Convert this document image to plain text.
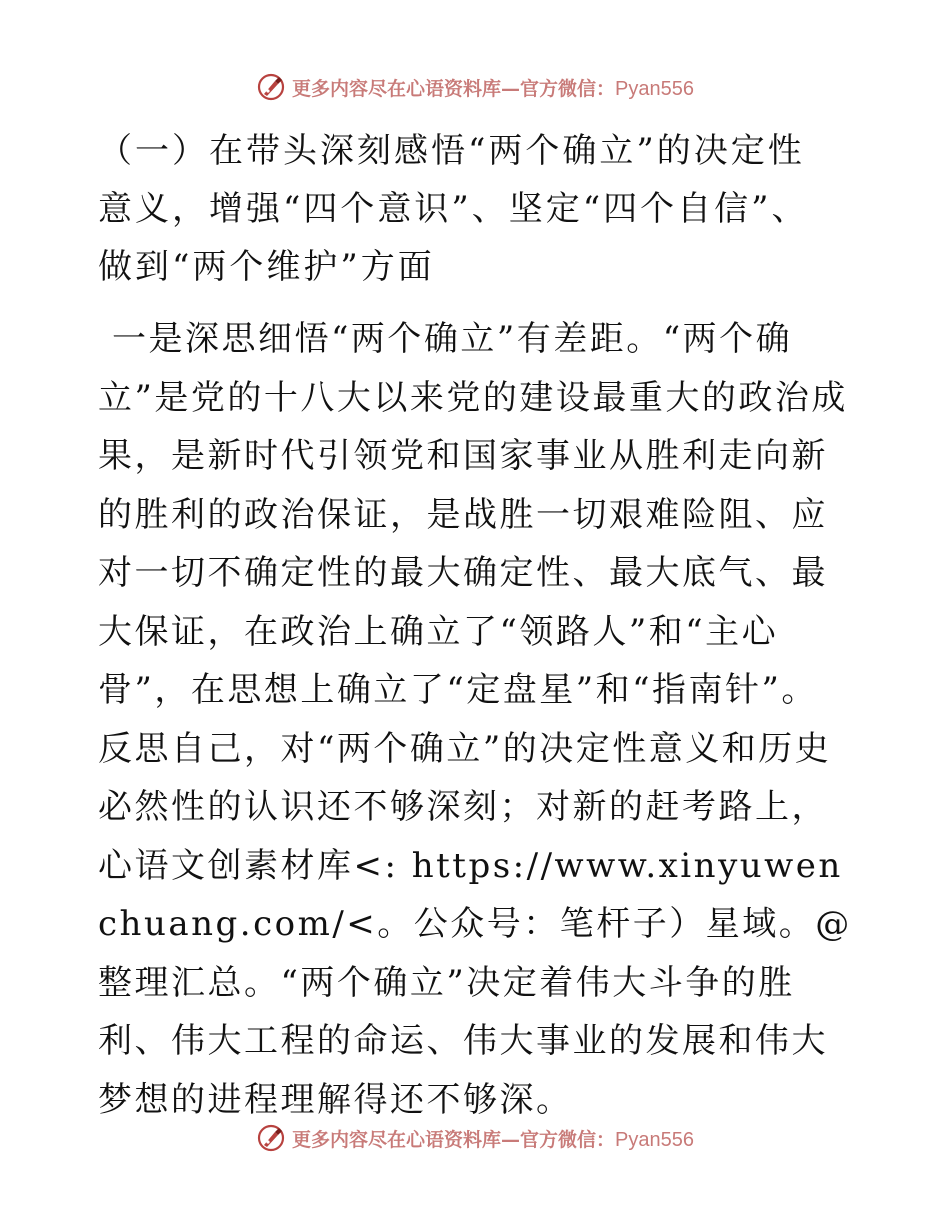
更多内容尽在心语资料库—官方微信：Pyan556
（一）在带头深刻感悟“两个确立”的决定性意义，增强“四个意识”、坚定“四个自信”、做到“两个维护”方面

一是深思细悟“两个确立”有差距。“两个确立”是党的十八大以来党的建设最重大的政治成果，是新时代引领党和国家事业从胜利走向新的胜利的政治保证，是战胜一切艰难险阻、应对一切不确定性的最大确定性、最大底气、最大保证，在政治上确立了“领路人”和“主心骨”，在思想上确立了“定盘星”和“指南针”。反思自己，对“两个确立”的决定性意义和历史必然性的认识还不够深刻；对新的赶考路上，心语文创素材库<: https://www.xinyuwenchuang.com/<。公众号：笔杆子）星域。@整理汇总。“两个确立”决定着伟大斗争的胜利、伟大工程的命运、伟大事业的发展和伟大梦想的进程理解得还不够深。

更多内容尽在心语资料库—官方微信：Pyan556
